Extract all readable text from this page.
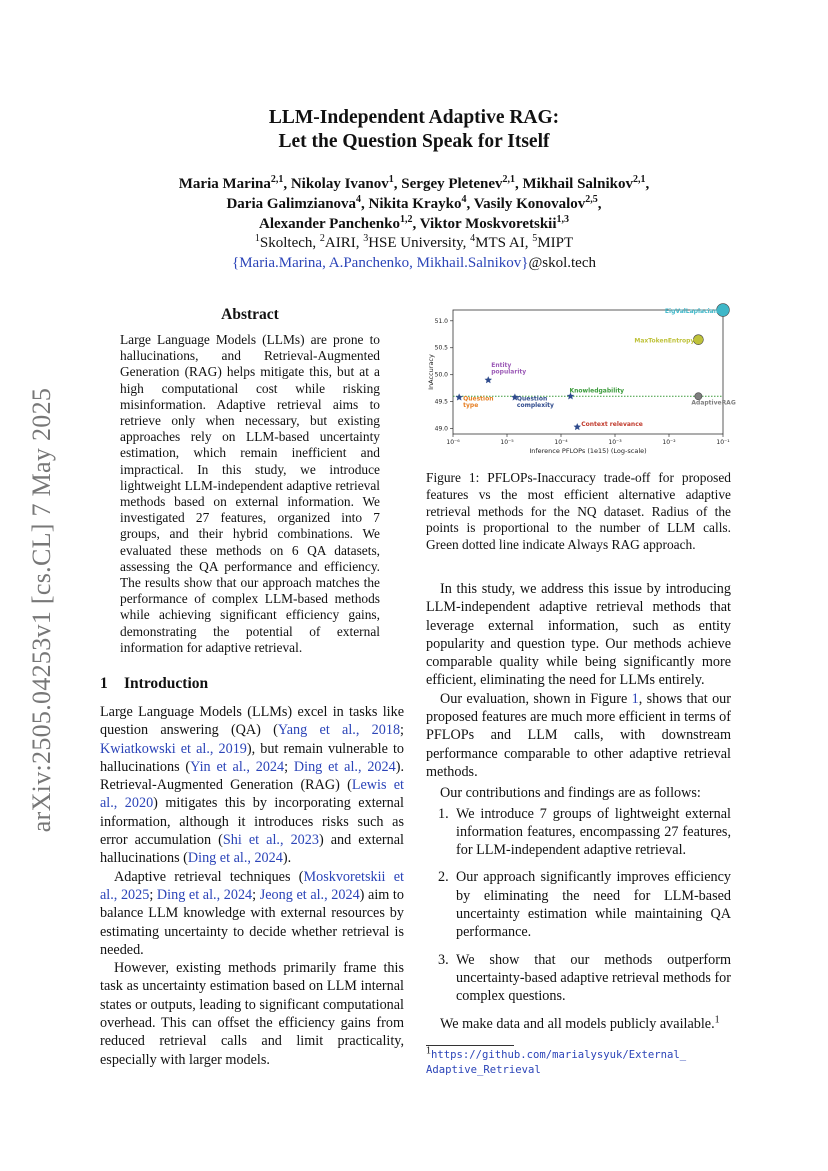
arXiv:2505.04253v1 [cs.CL] 7 May 2025
LLM-Independent Adaptive RAG:
Let the Question Speak for Itself
Maria Marina$^{2,1}$, Nikolay Ivanov$^1$, Sergey Pletenev$^{2,1}$, Mikhail Salnikov$^{2,1}$,
Daria Galimzianova$^4$, Nikita Krayko$^4$, Vasily Konovalov$^{2,5}$,
Alexander Panchenko$^{1,2}$, Viktor Moskvoretskii$^{1,3}$
$^1$Skoltech, $^2$AIRI, $^3$HSE University, $^4$MTS AI, $^5$MIPT
{Maria.Marina, A.Panchenko, Mikhail.Salnikov}@skol.tech
Abstract
Large Language Models (LLMs) are prone to hallucinations, and Retrieval-Augmented Generation (RAG) helps mitigate this, but at a high computational cost while risking misinformation. Adaptive retrieval aims to retrieve only when necessary, but existing approaches rely on LLM-based uncertainty estimation, which remain inefficient and impractical. In this study, we introduce lightweight LLM-independent adaptive retrieval methods based on external information. We investigated 27 features, organized into 7 groups, and their hybrid combinations. We evaluated these methods on 6 QA datasets, assessing the QA performance and efficiency. The results show that our approach matches the performance of complex LLM-based methods while achieving significant efficiency gains, demonstrating the potential of external information for adaptive retrieval.
1 Introduction

Large Language Models (LLMs) excel in tasks like question answering (QA) (Yang et al., 2018; Kwiatkowski et al., 2019), but remain vulnerable to hallucinations (Yin et al., 2024; Ding et al., 2024). Retrieval-Augmented Generation (RAG) (Lewis et al., 2020) mitigates this by incorporating external information, although it introduces risks such as error accumulation (Shi et al., 2023) and external hallucinations (Ding et al., 2024).

Adaptive retrieval techniques (Moskvoretskii et al., 2025; Ding et al., 2024; Jeong et al., 2024) aim to balance LLM knowledge with external resources by estimating uncertainty to decide whether retrieval is needed.

However, existing methods primarily frame this task as uncertainty estimation based on LLM internal states or outputs, leading to significant computational overhead. This can offset the efficiency gains from reduced retrieval calls and limit practicality, especially with larger models.

10⁻⁶	10⁻⁵	10⁻⁴	10⁻³	10⁻²	10⁻¹
49.0
49.5
50.0
50.5
51.0
EigValLaplacian
MaxTokenEntropy
AdaptiveRAG
Entity popularity
Question type
Question complexity
Knowledgability
Context relevance
Inference PFLOPs (1e15) (Log-scale)
InAccuracy
Figure 1: PFLOPs-Inaccuracy trade-off for proposed features vs the most efficient alternative adaptive retrieval methods for the NQ dataset. Radius of the points is proportional to the number of LLM calls. Green dotted line indicate Always RAG approach.

In this study, we address this issue by introducing LLM-independent adaptive retrieval methods that leverage external information, such as entity popularity and question type. Our methods achieve comparable quality while being significantly more efficient, eliminating the need for LLMs entirely.

Our evaluation, shown in Figure 1, shows that our proposed features are much more efficient in terms of PFLOPs and LLM calls, with downstream performance comparable to other adaptive retrieval methods.

Our contributions and findings are as follows:

1. We introduce 7 groups of lightweight external information features, encompassing 27 features, for LLM-independent adaptive retrieval.
2. Our approach significantly improves efficiency by eliminating the need for LLM-based uncertainty estimation while maintaining QA performance.
3. We show that our methods outperform uncertainty-based adaptive retrieval methods for complex questions.

We make data and all models publicly available.$^1$

$^1$https://github.com/marialysyuk/External_
Adaptive_Retrieval
